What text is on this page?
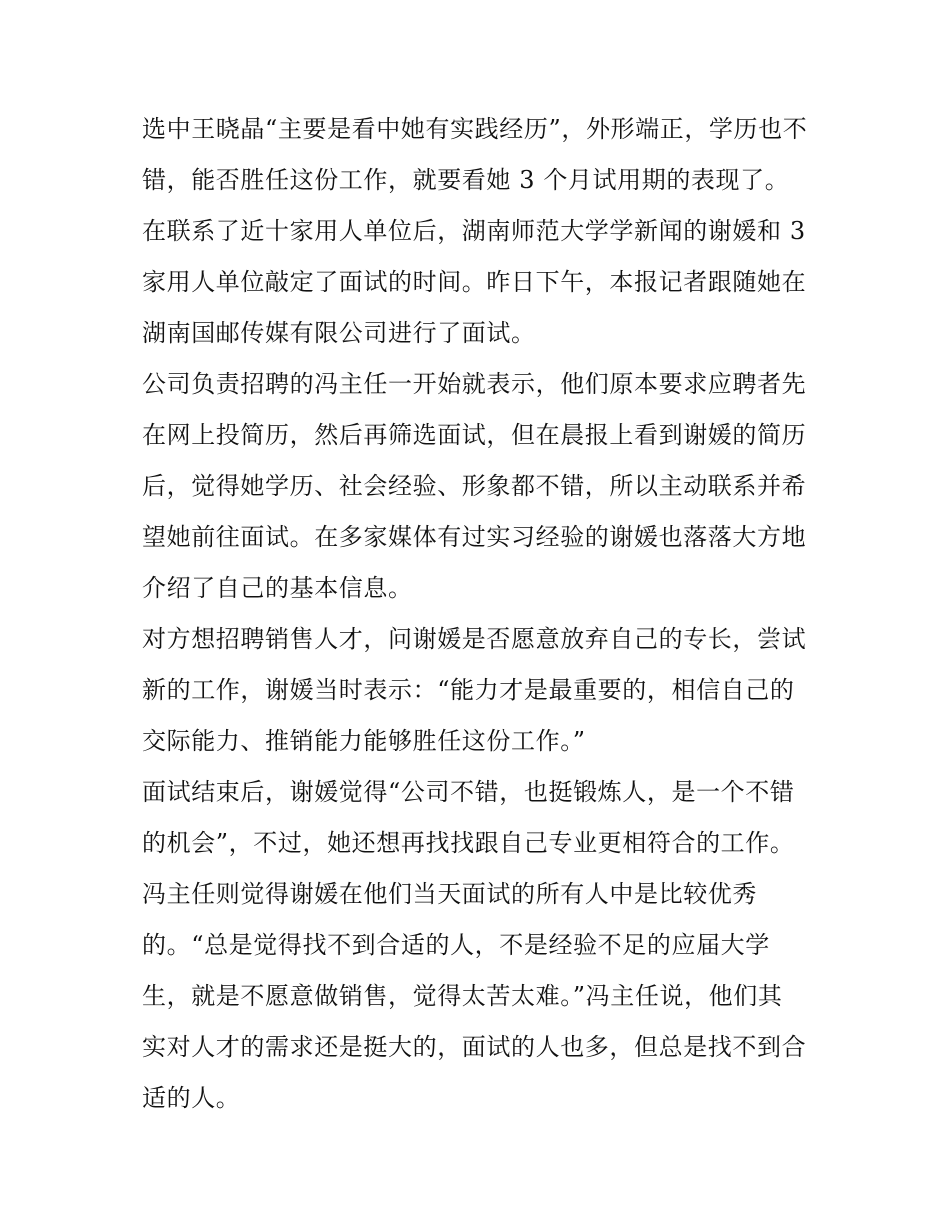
选中王晓晶“主要是看中她有实践经历”，外形端正，学历也不
错，能否胜任这份工作，就要看她 3 个月试用期的表现了。
在联系了近十家用人单位后，湖南师范大学学新闻的谢媛和 3
家用人单位敲定了面试的时间。昨日下午，本报记者跟随她在
湖南国邮传媒有限公司进行了面试。
公司负责招聘的冯主任一开始就表示，他们原本要求应聘者先
在网上投简历，然后再筛选面试，但在晨报上看到谢媛的简历
后，觉得她学历、社会经验、形象都不错，所以主动联系并希
望她前往面试。在多家媒体有过实习经验的谢媛也落落大方地
介绍了自己的基本信息。
对方想招聘销售人才，问谢媛是否愿意放弃自己的专长，尝试
新的工作，谢媛当时表示：“能力才是最重要的，相信自己的
交际能力、推销能力能够胜任这份工作。”
面试结束后，谢媛觉得“公司不错，也挺锻炼人，是一个不错
的机会”，不过，她还想再找找跟自己专业更相符合的工作。
冯主任则觉得谢媛在他们当天面试的所有人中是比较优秀
的。“总是觉得找不到合适的人，不是经验不足的应届大学
生，就是不愿意做销售，觉得太苦太难。”冯主任说，他们其
实对人才的需求还是挺大的，面试的人也多，但总是找不到合
适的人。
